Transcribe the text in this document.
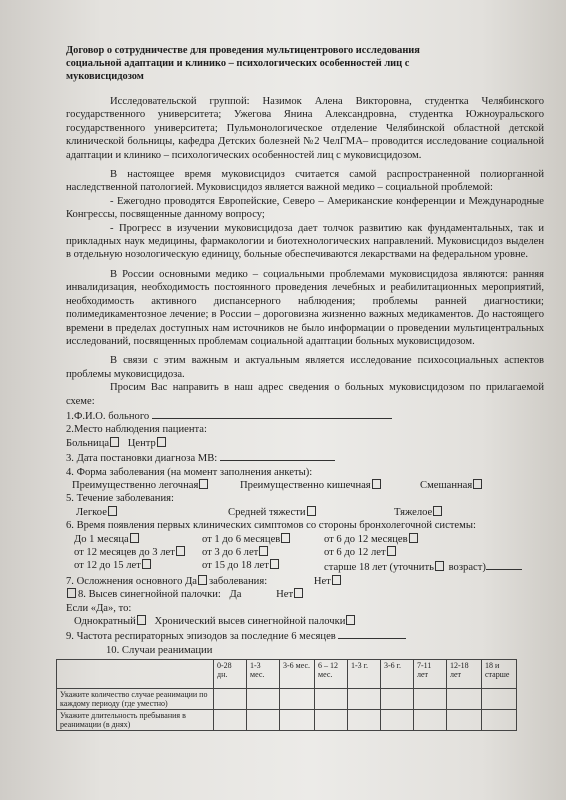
Договор о сотрудничестве для проведения мультицентрового исследования
социальной адаптации и клинико – психологических особенностей лиц с
муковисцидозом

Исследовательской группой: Назимок Алена Викторовна, студентка Челябинского государственного университета; Ужегова Янина Александровна, студентка Южноуральского государственного университета; Пульмонологическое отделение Челябинской областной детской клинической больницы, кафедра Детских болезней №2 ЧелГМА– проводится исследование социальной адаптации и клинико – психологических особенностей лиц с муковисцидозом.

В настоящее время муковисцидоз считается самой распространенной полиорганной наследственной патологией. Муковисцидоз является важной медико – социальной проблемой:

- Ежегодно проводятся Европейские, Северо – Американские конференции и Международные Конгрессы, посвященные данному вопросу;

- Прогресс в изучении муковисцидоза дает толчок развитию как фундаментальных, так и прикладных наук медицины, фармакологии и биотехнологических направлений. Муковисцидоз выделен в отдельную нозологическую единицу, больные обеспечиваются лекарствами на федеральном уровне.

В России основными медико – социальными проблемами муковисцидоза являются: ранняя инвалидизация, необходимость постоянного проведения лечебных и реабилитационных мероприятий, необходимость активного диспансерного наблюдения; проблемы ранней диагностики; полимедикаментозное лечение; в России – дороговизна жизненно важных медикаментов. До настоящего времени в пределах доступных нам источников не было информации о проведении мультицентральных исследований, посвященных проблемам социальной адаптации больных муковисцидозом.

В связи с этим важным и актуальным является исследование психосоциальных аспектов проблемы муковисцидоза.

Просим Вас направить в наш адрес сведения о больных муковисцидозом по прилагаемой схеме:

1.Ф.И.О. больного
2.Место наблюдения пациента:
Больница Центр
3. Дата постановки диагноза МВ:
4. Форма заболевания (на момент заполнения анкеты):
Преимущественно легочная	Преимущественно кишечная	Смешанная
5. Течение заболевания:
Легкое	Средней тяжести	Тяжелое
6. Время появления первых клинических симптомов со стороны бронхолегочной системы:
До 1 месяца	от 1 до 6 месяцев	от 6 до 12 месяцев
от 12 месяцев до 3 лет	от 3 до 6 лет	от 6 до 12 лет
от 12 до 15 лет	от 15 до 18 лет	старше 18 лет (уточнить возраст)
7. Осложнения основного Да заболевания:	Нет
8. Высев синегнойной палочки: Да	Нет
Если «Да», то:
Однократный Хронический высев синегнойной палочки
9. Частота респираторных эпизодов за последние 6 месяцев
10. Случаи реанимации
	0-28 дн.	1-3 мес.	3-6 мес.	6 – 12 мес.	1-3 г.	3-6 г.	7-11 лет	12-18 лет	18 и старше
Укажите количество случае реанимации по каждому периоду (где уместно)									
Укажите длительность пребывания в реанимации (в днях)									
